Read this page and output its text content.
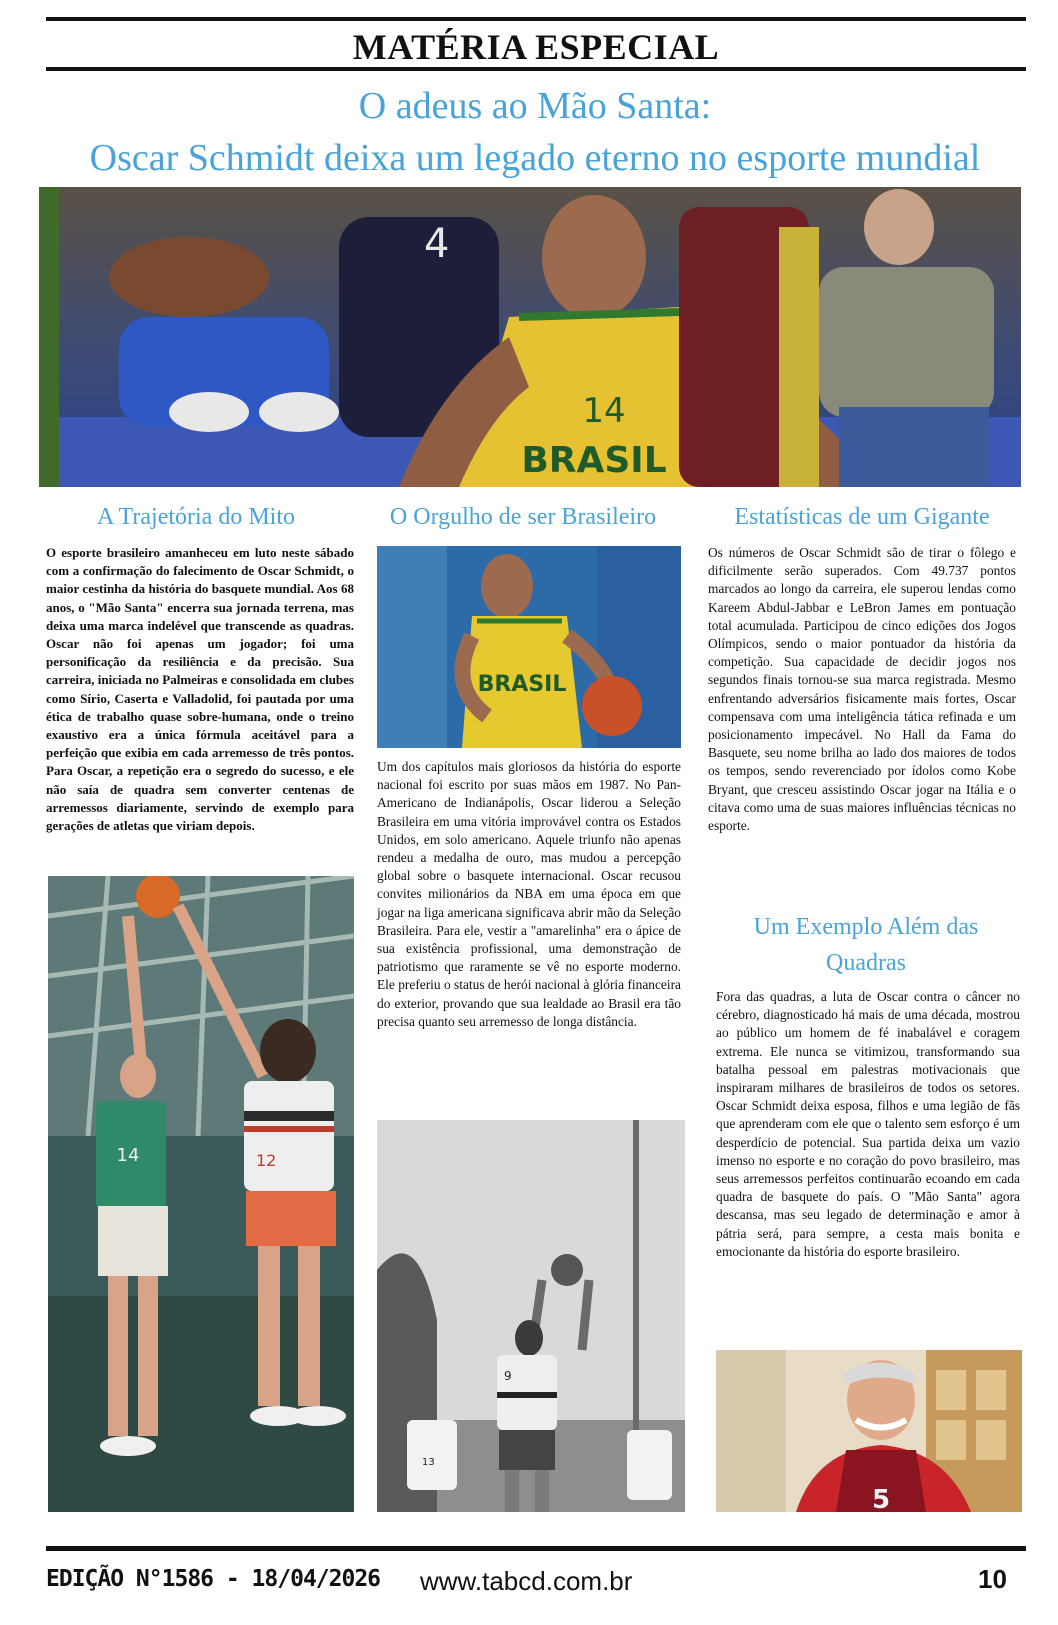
MATÉRIA ESPECIAL
O adeus ao Mão Santa:
Oscar Schmidt deixa um legado eterno no esporte mundial
4
14
BRASIL
A Trajetória do Mito	O Orgulho de ser Brasileiro	Estatísticas de um Gigante
O esporte brasileiro amanheceu em luto neste sábado com a confirmação do falecimento de Oscar Schmidt, o maior cestinha da história do basquete mundial. Aos 68 anos, o "Mão Santa" encerra sua jornada terrena, mas deixa uma marca indelével que transcende as quadras. Oscar não foi apenas um jogador; foi uma personificação da resiliência e da precisão. Sua carreira, iniciada no Palmeiras e consolidada em clubes como Sírio, Caserta e Valladolid, foi pautada por uma ética de trabalho quase sobre-humana, onde o treino exaustivo era a única fórmula aceitável para a perfeição que exibia em cada arremesso de três pontos. Para Oscar, a repetição era o segredo do sucesso, e ele não saía de quadra sem converter centenas de arremessos diariamente, servindo de exemplo para gerações de atletas que viriam depois.
14	12
BRASIL
Um dos capítulos mais gloriosos da história do esporte nacional foi escrito por suas mãos em 1987. No Pan-Americano de Indianápolis, Oscar liderou a Seleção Brasileira em uma vitória improvável contra os Estados Unidos, em solo americano. Aquele triunfo não apenas rendeu a medalha de ouro, mas mudou a percepção global sobre o basquete internacional. Oscar recusou convites milionários da NBA em uma época em que jogar na liga americana significava abrir mão da Seleção Brasileira. Para ele, vestir a "amarelinha" era o ápice de sua existência profissional, uma demonstração de patriotismo que raramente se vê no esporte moderno. Ele preferiu o status de herói nacional à glória financeira do exterior, provando que sua lealdade ao Brasil era tão precisa quanto seu arremesso de longa distância.
9
13
Os números de Oscar Schmidt são de tirar o fôlego e dificilmente serão superados. Com 49.737 pontos marcados ao longo da carreira, ele superou lendas como Kareem Abdul-Jabbar e LeBron James em pontuação total acumulada. Participou de cinco edições dos Jogos Olímpicos, sendo o maior pontuador da história da competição. Sua capacidade de decidir jogos nos segundos finais tornou-se sua marca registrada. Mesmo enfrentando adversários fisicamente mais fortes, Oscar compensava com uma inteligência tática refinada e um posicionamento impecável. No Hall da Fama do Basquete, seu nome brilha ao lado dos maiores de todos os tempos, sendo reverenciado por ídolos como Kobe Bryant, que cresceu assistindo Oscar jogar na Itália e o citava como uma de suas maiores influências técnicas no esporte.
Um Exemplo Além das
Quadras
Fora das quadras, a luta de Oscar contra o câncer no cérebro, diagnosticado há mais de uma década, mostrou ao público um homem de fé inabalável e coragem extrema. Ele nunca se vitimizou, transformando sua batalha pessoal em palestras motivacionais que inspiraram milhares de brasileiros de todos os setores. Oscar Schmidt deixa esposa, filhos e uma legião de fãs que aprenderam com ele que o talento sem esforço é um desperdício de potencial. Sua partida deixa um vazio imenso no esporte e no coração do povo brasileiro, mas seus arremessos perfeitos continuarão ecoando em cada quadra de basquete do país. O "Mão Santa" agora descansa, mas seu legado de determinação e amor à pátria será, para sempre, a cesta mais bonita e emocionante da história do esporte brasileiro.
5
EDIÇÃO N°1586 - 18/04/2026 www.tabcd.com.br	10
